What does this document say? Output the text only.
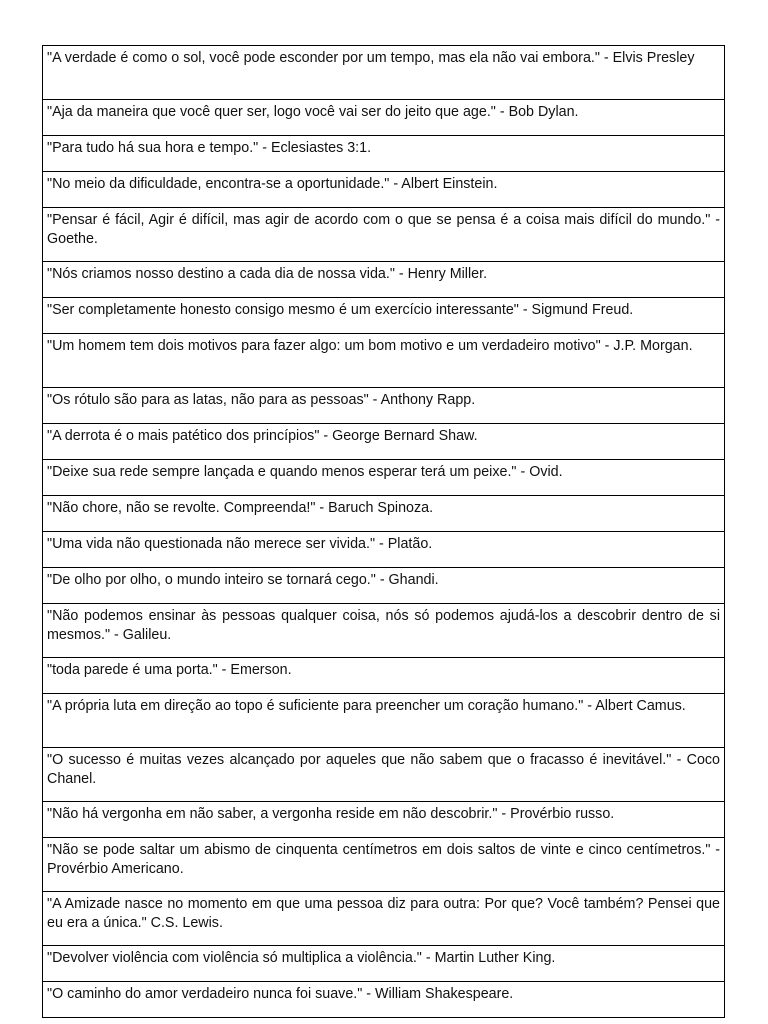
"A verdade é como o sol, você pode esconder por um tempo, mas ela não vai embora." - Elvis Presley
"Aja da maneira que você quer ser, logo você vai ser do jeito que age." - Bob Dylan.
"Para tudo há sua hora e tempo." - Eclesiastes 3:1.
"No meio da dificuldade, encontra-se a oportunidade." - Albert Einstein.
"Pensar é fácil, Agir é difícil, mas agir de acordo com o que se pensa é a coisa mais difícil do mundo." - Goethe.
"Nós criamos nosso destino a cada dia de nossa vida." - Henry Miller.
"Ser completamente honesto consigo mesmo é um exercício interessante" - Sigmund Freud.
"Um homem tem dois motivos para fazer algo: um bom motivo e um verdadeiro motivo" - J.P. Morgan.
"Os rótulo são para as latas, não para as pessoas" - Anthony Rapp.
"A derrota é o mais patético dos princípios" - George Bernard Shaw.
"Deixe sua rede sempre lançada e quando menos esperar terá um peixe." - Ovid.
"Não chore, não se revolte. Compreenda!" - Baruch Spinoza.
"Uma vida não questionada não merece ser vivida." - Platão.
"De olho por olho, o mundo inteiro se tornará cego." - Ghandi.
"Não podemos ensinar às pessoas qualquer coisa, nós só podemos ajudá-los a descobrir dentro de si mesmos." - Galileu.
"toda parede é uma porta." - Emerson.
"A própria luta em direção ao topo é suficiente para preencher um coração humano." - Albert Camus.
"O sucesso é muitas vezes alcançado por aqueles que não sabem que o fracasso é inevitável." - Coco Chanel.
"Não há vergonha em não saber, a vergonha reside em não descobrir." - Provérbio russo.
"Não se pode saltar um abismo de cinquenta centímetros em dois saltos de vinte e cinco centímetros." - Provérbio Americano.
"A Amizade nasce no momento em que uma pessoa diz para outra: Por que? Você também? Pensei que eu era a única." C.S. Lewis.
"Devolver violência com violência só multiplica a violência." - Martin Luther King.
"O caminho do amor verdadeiro nunca foi suave." - William Shakespeare.
